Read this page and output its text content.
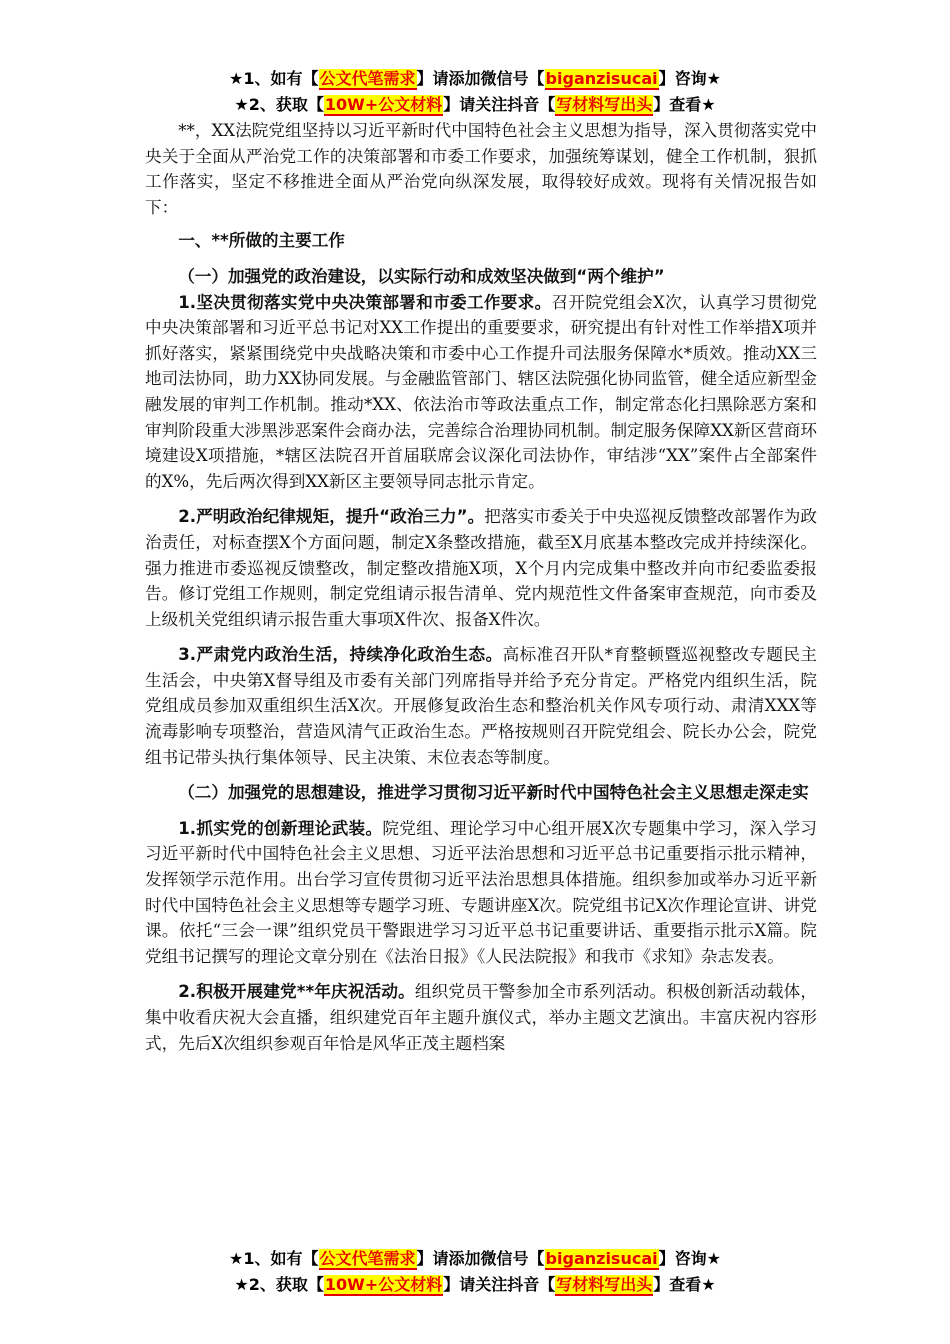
★1、如有【公文代笔需求】请添加微信号【biganzisucai】咨询★
★2、获取【10W+公文材料】请关注抖音【写材料写出头】查看★

**，XX法院党组坚持以习近平新时代中国特色社会主义思想为指导，深入贯彻落实党中央关于全面从严治党工作的决策部署和市委工作要求，加强统筹谋划，健全工作机制，狠抓工作落实，坚定不移推进全面从严治党向纵深发展，取得较好成效。现将有关情况报告如下：

一、**所做的主要工作

（一）加强党的政治建设，以实际行动和成效坚决做到“两个维护”

1.坚决贯彻落实党中央决策部署和市委工作要求。召开院党组会X次，认真学习贯彻党中央决策部署和习近平总书记对XX工作提出的重要要求，研究提出有针对性工作举措X项并抓好落实，紧紧围绕党中央战略决策和市委中心工作提升司法服务保障水*质效。推动XX三地司法协同，助力XX协同发展。与金融监管部门、辖区法院强化协同监管，健全适应新型金融发展的审判工作机制。推动*XX、依法治市等政法重点工作，制定常态化扫黑除恶方案和审判阶段重大涉黑涉恶案件会商办法，完善综合治理协同机制。制定服务保障XX新区营商环境建设X项措施，*辖区法院召开首届联席会议深化司法协作，审结涉“XX”案件占全部案件的X%，先后两次得到XX新区主要领导同志批示肯定。

2.严明政治纪律规矩，提升“政治三力”。把落实市委关于中央巡视反馈整改部署作为政治责任，对标查摆X个方面问题，制定X条整改措施，截至X月底基本整改完成并持续深化。强力推进市委巡视反馈整改，制定整改措施X项，X个月内完成集中整改并向市纪委监委报告。修订党组工作规则，制定党组请示报告清单、党内规范性文件备案审查规范，向市委及上级机关党组织请示报告重大事项X件次、报备X件次。

3.严肃党内政治生活，持续净化政治生态。高标准召开队*育整顿暨巡视整改专题民主生活会，中央第X督导组及市委有关部门列席指导并给予充分肯定。严格党内组织生活，院党组成员参加双重组织生活X次。开展修复政治生态和整治机关作风专项行动、肃清XXX等流毒影响专项整治，营造风清气正政治生态。严格按规则召开院党组会、院长办公会，院党组书记带头执行集体领导、民主决策、末位表态等制度。

（二）加强党的思想建设，推进学习贯彻习近平新时代中国特色社会主义思想走深走实

1.抓实党的创新理论武装。院党组、理论学习中心组开展X次专题集中学习，深入学习习近平新时代中国特色社会主义思想、习近平法治思想和习近平总书记重要指示批示精神，发挥领学示范作用。出台学习宣传贯彻习近平法治思想具体措施。组织参加或举办习近平新时代中国特色社会主义思想等专题学习班、专题讲座X次。院党组书记X次作理论宣讲、讲党课。依托“三会一课”组织党员干警跟进学习习近平总书记重要讲话、重要指示批示X篇。院党组书记撰写的理论文章分别在《法治日报》《人民法院报》和我市《求知》杂志发表。

2.积极开展建党**年庆祝活动。组织党员干警参加全市系列活动。积极创新活动载体，集中收看庆祝大会直播，组织建党百年主题升旗仪式，举办主题文艺演出。丰富庆祝内容形式，先后X次组织参观百年恰是风华正茂主题档案

★1、如有【公文代笔需求】请添加微信号【biganzisucai】咨询★
★2、获取【10W+公文材料】请关注抖音【写材料写出头】查看★
